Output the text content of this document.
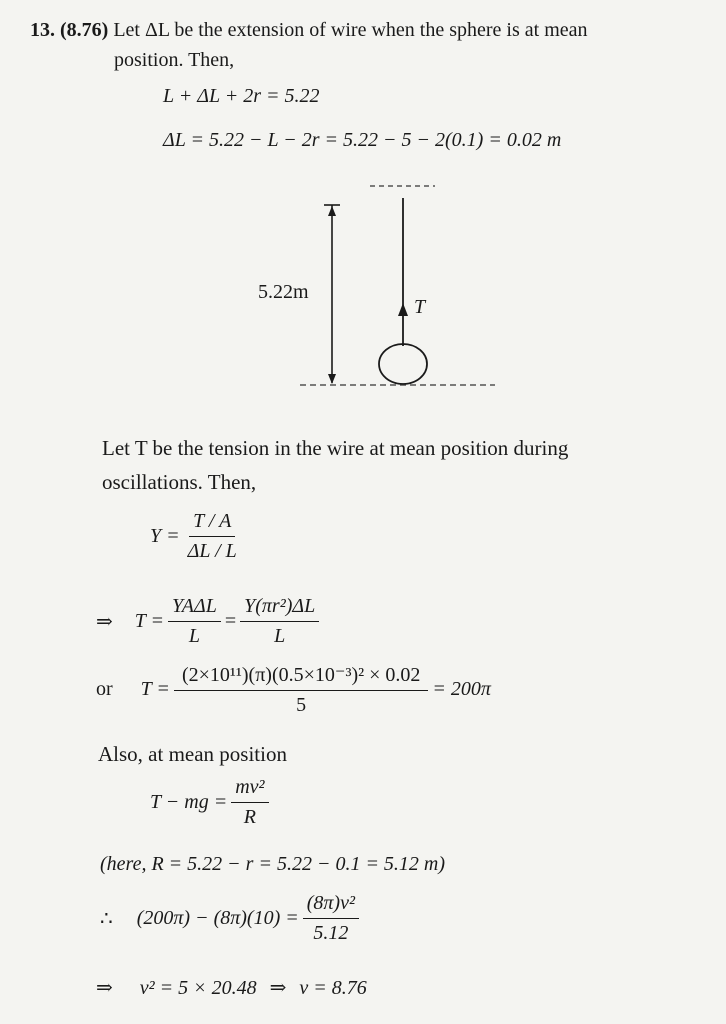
13. (8.76) Let ΔL be the extension of wire when the sphere is at mean
position. Then,
L + ΔL + 2r = 5.22
ΔL = 5.22 − L − 2r = 5.22 − 5 − 2(0.1) = 0.02 m
5.22m
T
Let T be the tension in the wire at mean position during
oscillations. Then,
$Y = \frac{T / A}{\Delta L / L}$
⇒ $T = \frac{\text{YAΔL}}{L} = \frac{\text{Y(πr²)ΔL}}{L}$
or $T = \frac{\text{(2×10¹¹)(π)(0.5×10⁻³)² × 0.02}}{5} = 200\pi$
Also, at mean position
T − mg = $\frac{\text{mv²}}{R}$
(here, R = 5.22 − r = 5.22 − 0.1 = 5.12 m)
∴ $(200\pi) - (8\pi)(10) = \frac{\text{(8π)v²}}{5.12}$
⇒ v² = 5 × 20.48 ⇒ v = 8.76
